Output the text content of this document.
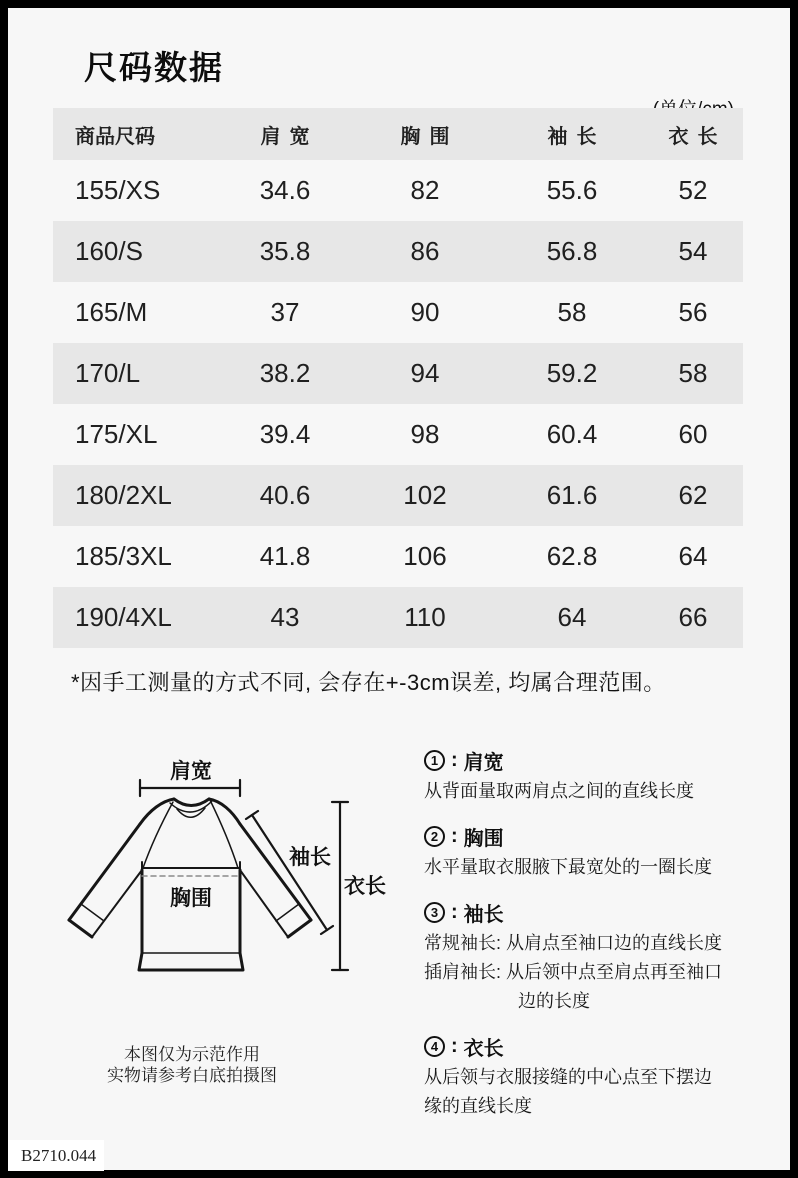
尺码数据
商品尺码	肩宽	胸围	袖长	衣长
155/XS	34.6	82	55.6	52
160/S	35.8	86	56.8	54
165/M	37	90	58	56
170/L	38.2	94	59.2	58
175/XL	39.4	98	60.4	60
180/2XL	40.6	102	61.6	62
185/3XL	41.8	106	62.8	64
190/4XL	43	110	64	66
*因手工测量的方式不同, 会存在+-3cm误差, 均属合理范围。
肩宽
胸围
袖长
衣长
本图仅为示范作用
实物请参考白底拍摄图
1 : 肩宽
从背面量取两肩点之间的直线长度
2 : 胸围
水平量取衣服腋下最宽处的一圈长度
3 : 袖长
常规袖长: 从肩点至袖口边的直线长度
插肩袖长: 从后领中点至肩点再至袖口
边的长度
4 : 衣长
从后领与衣服接缝的中心点至下摆边
缘的直线长度
B2710.044
